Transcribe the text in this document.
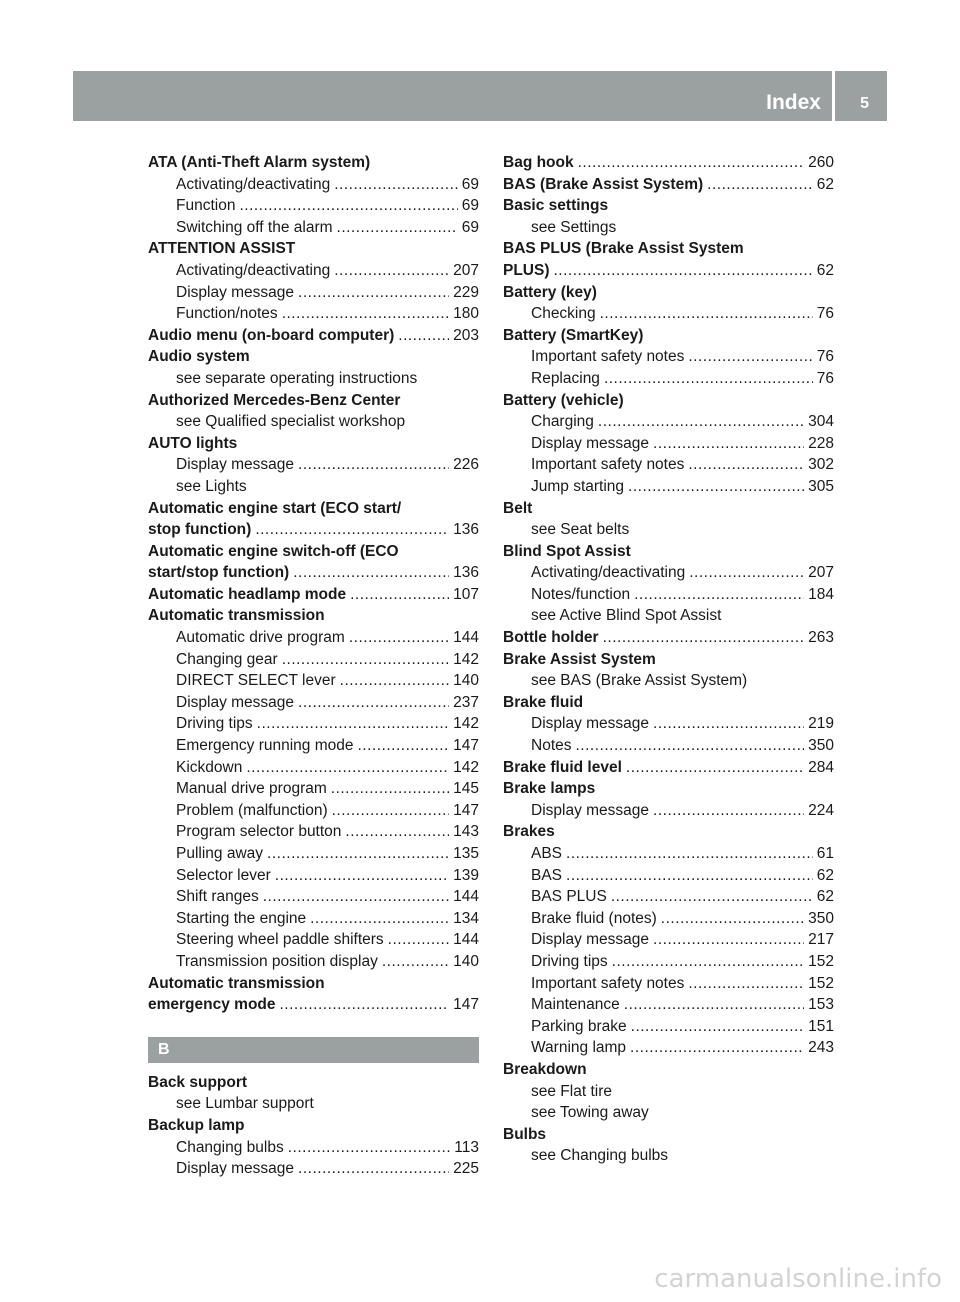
Index 5
ATA (Anti-Theft Alarm system)
Activating/deactivating .....	69
Function .....	69
Switching off the alarm .....	69
ATTENTION ASSIST
Activating/deactivating .....	207
Display message .....	229
Function/notes .....	180
Audio menu (on-board computer) .....	203
Audio system
see separate operating instructions
Authorized Mercedes-Benz Center
see Qualified specialist workshop
AUTO lights
Display message .....	226
see Lights
Automatic engine start (ECO start/
stop function) .....	136
Automatic engine switch-off (ECO
start/stop function) .....	136
Automatic headlamp mode .....	107
Automatic transmission
Automatic drive program .....	144
Changing gear .....	142
DIRECT SELECT lever .....	140
Display message .....	237
Driving tips .....	142
Emergency running mode .....	147
Kickdown .....	142
Manual drive program .....	145
Problem (malfunction) .....	147
Program selector button .....	143
Pulling away .....	135
Selector lever .....	139
Shift ranges .....	144
Starting the engine .....	134
Steering wheel paddle shifters .....	144
Transmission position display .....	140
Automatic transmission
emergency mode .....	147
B
Back support
see Lumbar support
Backup lamp
Changing bulbs .....	113
Display message .....	225
Bag hook .....	260
BAS (Brake Assist System) .....	62
Basic settings
see Settings
BAS PLUS (Brake Assist System
PLUS) .....	62
Battery (key)
Checking .....	76
Battery (SmartKey)
Important safety notes .....	76
Replacing .....	76
Battery (vehicle)
Charging .....	304
Display message .....	228
Important safety notes .....	302
Jump starting .....	305
Belt
see Seat belts
Blind Spot Assist
Activating/deactivating .....	207
Notes/function .....	184
see Active Blind Spot Assist
Bottle holder .....	263
Brake Assist System
see BAS (Brake Assist System)
Brake fluid
Display message .....	219
Notes .....	350
Brake fluid level .....	284
Brake lamps
Display message .....	224
Brakes
ABS .....	61
BAS .....	62
BAS PLUS .....	62
Brake fluid (notes) .....	350
Display message .....	217
Driving tips .....	152
Important safety notes .....	152
Maintenance .....	153
Parking brake .....	151
Warning lamp .....	243
Breakdown
see Flat tire
see Towing away
Bulbs
see Changing bulbs
carmanualsonline.info
